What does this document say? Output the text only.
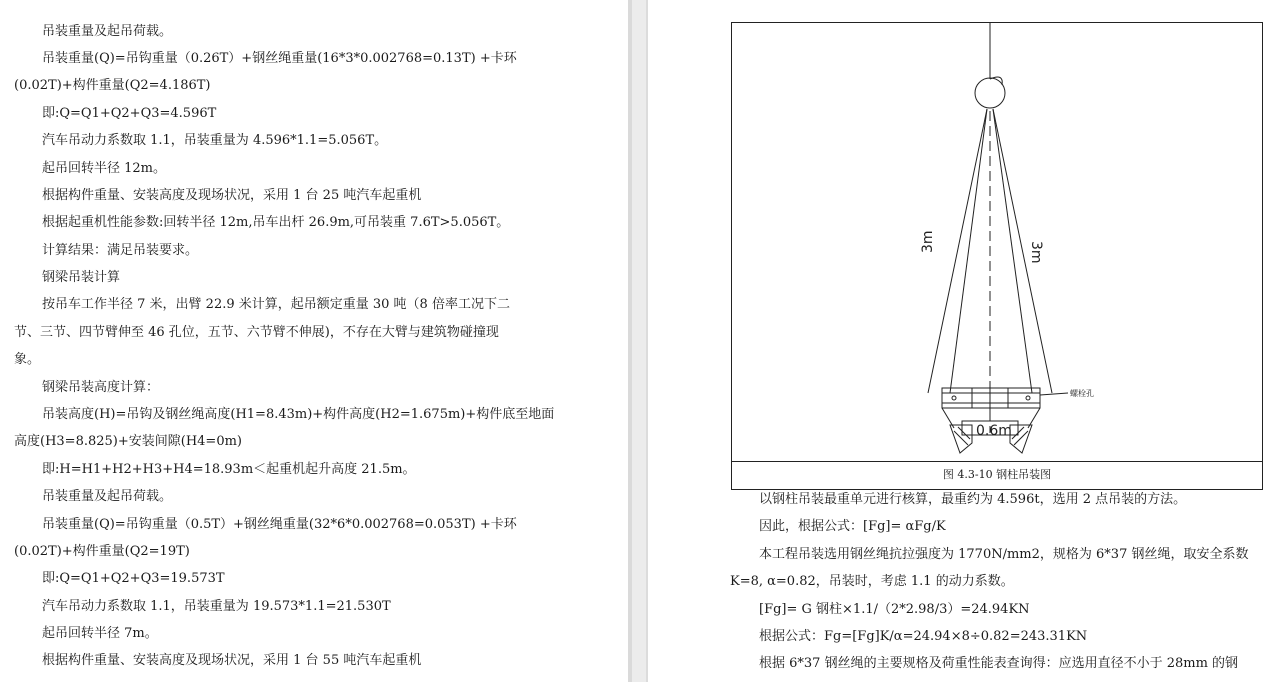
吊装重量及起吊荷载。
吊装重量(Q)=吊钩重量（0.26T）+钢丝绳重量(16*3*0.002768=0.13T) +卡环
(0.02T)+构件重量(Q2=4.186T)
即:Q=Q1+Q2+Q3=4.596T
汽车吊动力系数取 1.1，吊装重量为 4.596*1.1=5.056T。
起吊回转半径 12m。
根据构件重量、安装高度及现场状况，采用 1 台 25 吨汽车起重机
根据起重机性能参数:回转半径 12m,吊车出杆 26.9m,可吊装重 7.6T>5.056T。
计算结果：满足吊装要求。
钢梁吊装计算
按吊车工作半径 7 米，出臂 22.9 米计算，起吊额定重量 30 吨（8 倍率工况下二
节、三节、四节臂伸至 46 孔位，五节、六节臂不伸展)，不存在大臂与建筑物碰撞现
象。
钢梁吊装高度计算：
吊装高度(H)=吊钩及钢丝绳高度(H1=8.43m)+构件高度(H2=1.675m)+构件底至地面
高度(H3=8.825)+安装间隙(H4=0m)
即:H=H1+H2+H3+H4=18.93m＜起重机起升高度 21.5m。
吊装重量及起吊荷载。
吊装重量(Q)=吊钩重量（0.5T）+钢丝绳重量(32*6*0.002768=0.053T) +卡环
(0.02T)+构件重量(Q2=19T)
即:Q=Q1+Q2+Q3=19.573T
汽车吊动力系数取 1.1，吊装重量为 19.573*1.1=21.530T
起吊回转半径 7m。
根据构件重量、安装高度及现场状况，采用 1 台 55 吨汽车起重机
3m	3m
0.6m
螺栓孔
图 4.3-10 钢柱吊装图
以钢柱吊装最重单元进行核算，最重约为 4.596t，选用 2 点吊装的方法。
因此，根据公式：[Fg]= αFg/K
本工程吊装选用钢丝绳抗拉强度为 1770N/mm2，规格为 6*37 钢丝绳，取安全系数
K=8, α=0.82，吊装时，考虑 1.1 的动力系数。
[Fg]= G 钢柱×1.1/（2*2.98/3）=24.94KN
根据公式：Fg=[Fg]K/α=24.94×8÷0.82=243.31KN
根据 6*37 钢丝绳的主要规格及荷重性能表查询得：应选用直径不小于 28mm 的钢
